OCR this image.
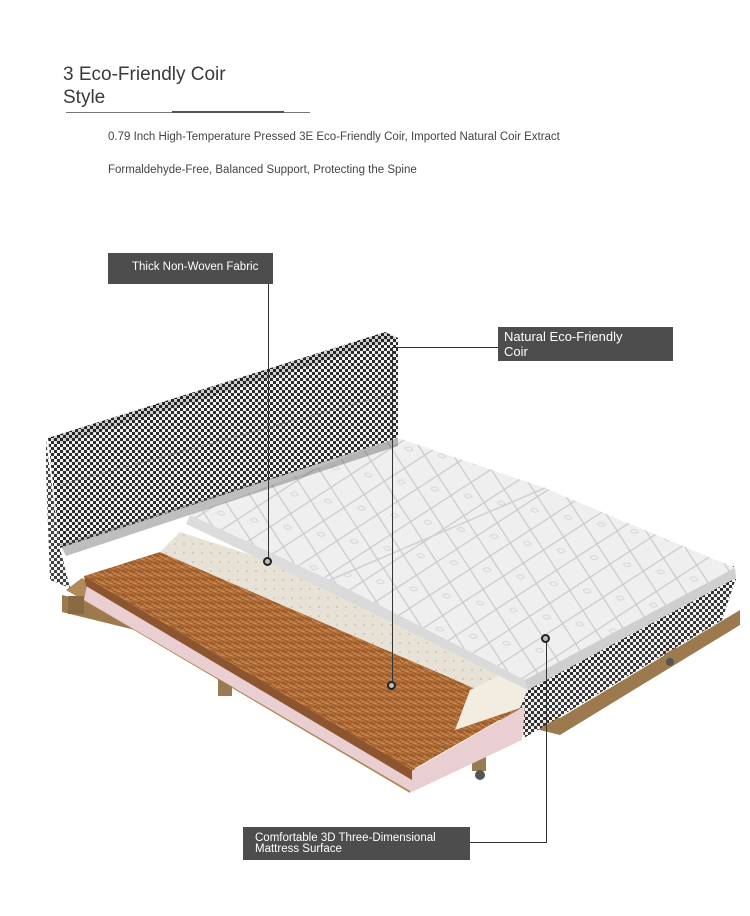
3 Eco-Friendly Coir
Style
0.79 Inch High-Temperature Pressed 3E Eco-Friendly Coir, Imported Natural Coir Extract
Formaldehyde-Free, Balanced Support, Protecting the Spine
Thick Non-Woven Fabric
Natural Eco-Friendly
Coir
Comfortable 3D Three-Dimensional
Mattress Surface
